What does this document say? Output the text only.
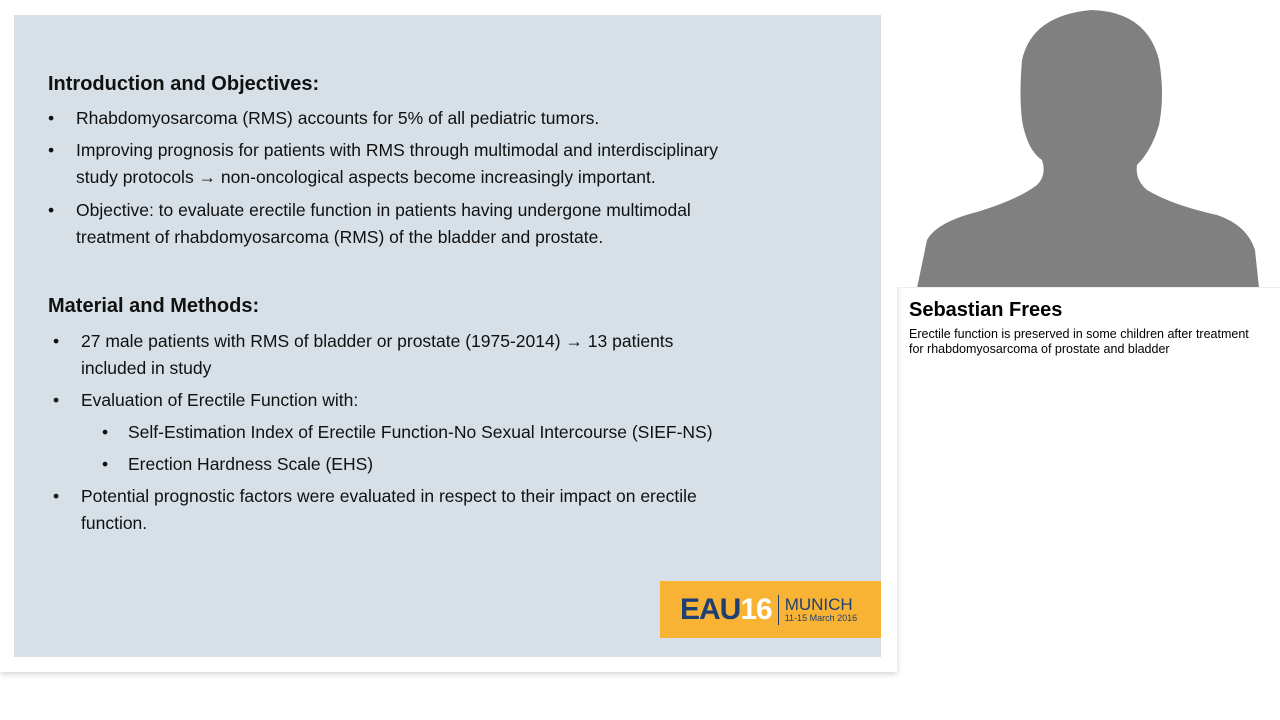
Introduction and Objectives:
• Rhabdomyosarcoma (RMS) accounts for 5% of all pediatric tumors.
• Improving prognosis for patients with RMS through multimodal and interdisciplinary
study protocols → non-oncological aspects become increasingly important.
• Objective: to evaluate erectile function in patients having undergone multimodal
treatment of rhabdomyosarcoma (RMS) of the bladder and prostate.
Material and Methods:
• 27 male patients with RMS of bladder or prostate (1975-2014) → 13 patients
included in study
• Evaluation of Erectile Function with:
• Self-Estimation Index of Erectile Function-No Sexual Intercourse (SIEF-NS)
• Erection Hardness Scale (EHS)
• Potential prognostic factors were evaluated in respect to their impact on erectile
function.
EAU 16 MUNICH
11-15 March 2016
Sebastian Frees
Erectile function is preserved in some children after treatment for rhabdomyosarcoma of prostate and bladder
